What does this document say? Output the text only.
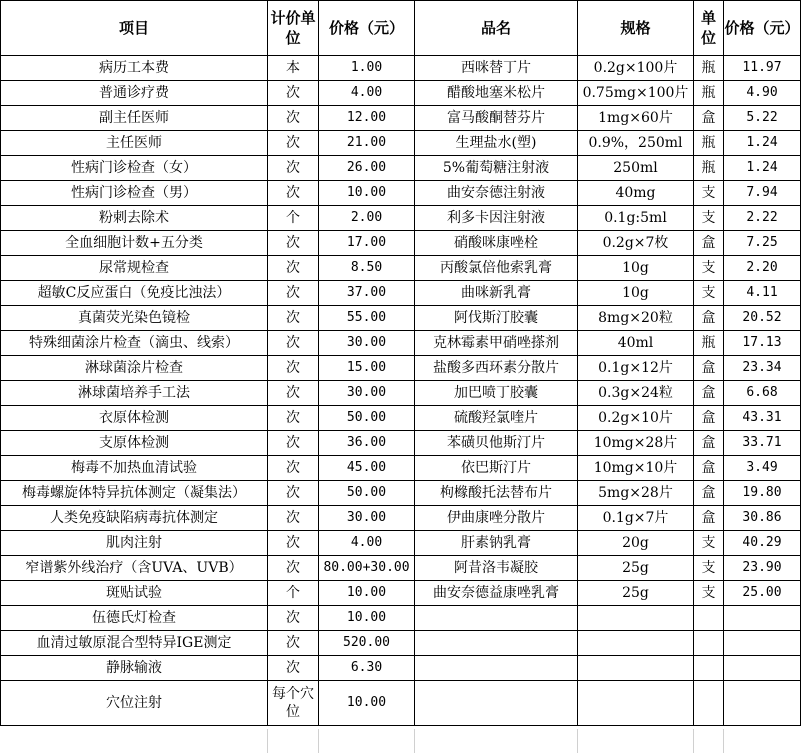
项目	计价单位	价格（元）	品名	规格	单位	价格（元）
病历工本费	本	1.00	西咪替丁片	0.2g×100片	瓶	11.97
普通诊疗费	次	4.00	醋酸地塞米松片	0.75mg×100片	瓶	4.90
副主任医师	次	12.00	富马酸酮替芬片	1mg×60片	盒	5.22
主任医师	次	21.00	生理盐水(塑)	0.9%，250ml	瓶	1.24
性病门诊检查（女）	次	26.00	5%葡萄糖注射液	250ml	瓶	1.24
性病门诊检查（男）	次	10.00	曲安奈德注射液	40mg	支	7.94
粉刺去除术	个	2.00	利多卡因注射液	0.1g:5ml	支	2.22
全血细胞计数+五分类	次	17.00	硝酸咪康唑栓	0.2g×7枚	盒	7.25
尿常规检查	次	8.50	丙酸氯倍他索乳膏	10g	支	2.20
超敏C反应蛋白（免疫比浊法）	次	37.00	曲咪新乳膏	10g	支	4.11
真菌荧光染色镜检	次	55.00	阿伐斯汀胶囊	8mg×20粒	盒	20.52
特殊细菌涂片检查（滴虫、线索）	次	30.00	克林霉素甲硝唑搽剂	40ml	瓶	17.13
淋球菌涂片检查	次	15.00	盐酸多西环素分散片	0.1g×12片	盒	23.34
淋球菌培养手工法	次	30.00	加巴喷丁胶囊	0.3g×24粒	盒	6.68
衣原体检测	次	50.00	硫酸羟氯喹片	0.2g×10片	盒	43.31
支原体检测	次	36.00	苯磺贝他斯汀片	10mg×28片	盒	33.71
梅毒不加热血清试验	次	45.00	依巴斯汀片	10mg×10片	盒	3.49
梅毒螺旋体特异抗体测定（凝集法）	次	50.00	枸橼酸托法替布片	5mg×28片	盒	19.80
人类免疫缺陷病毒抗体测定	次	30.00	伊曲康唑分散片	0.1g×7片	盒	30.86
肌肉注射	次	4.00	肝素钠乳膏	20g	支	40.29
窄谱紫外线治疗（含UVA、UVB）	次	80.00+30.00	阿昔洛韦凝胶	25g	支	23.90
斑贴试验	个	10.00	曲安奈德益康唑乳膏	25g	支	25.00
伍德氏灯检查	次	10.00				
血清过敏原混合型特异IGE测定	次	520.00				
静脉输液	次	6.30				
穴位注射	每个穴位	10.00				
